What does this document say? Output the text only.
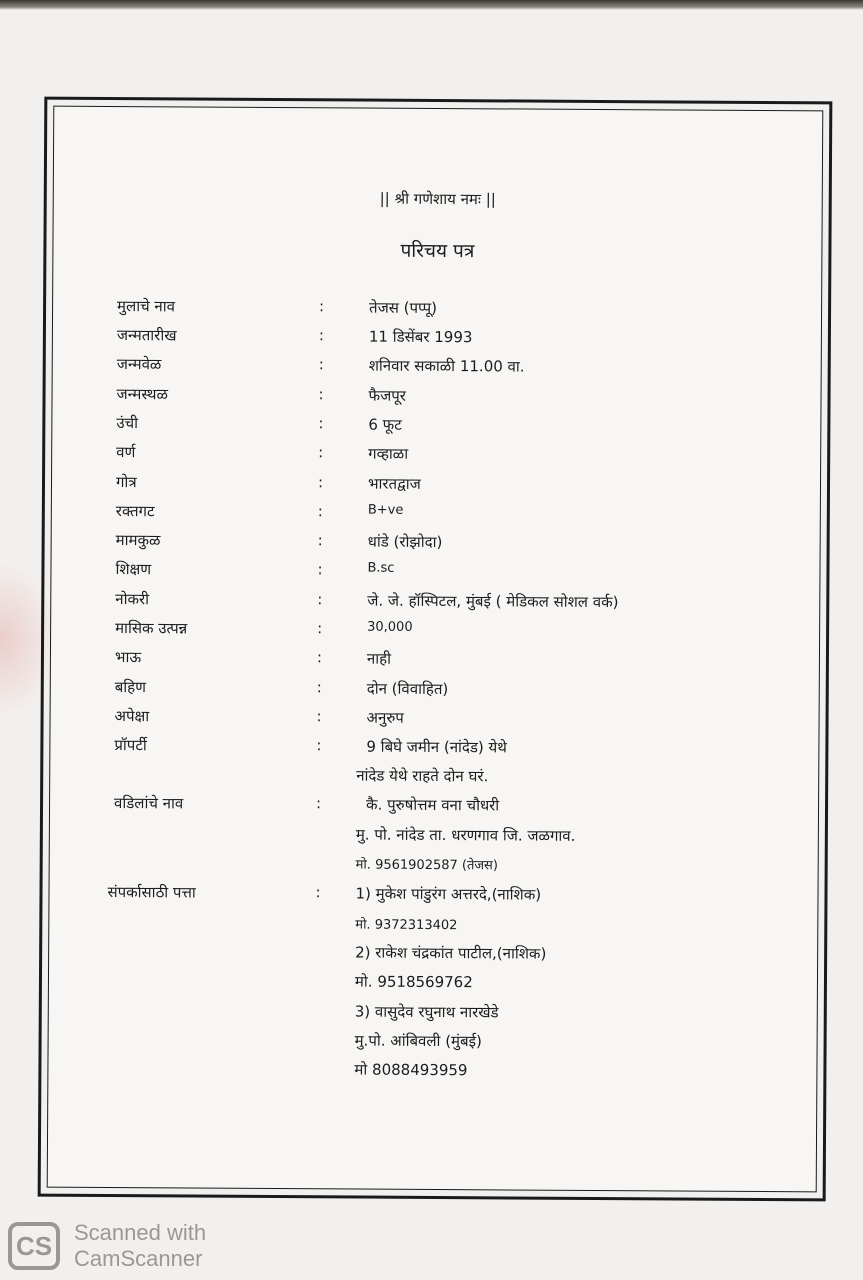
|| श्री गणेशाय नमः ||
परिचय पत्र
मुलाचे नाव	:	तेजस (पप्पू)
जन्मतारीख	:	11 डिसेंबर 1993
जन्मवेळ	:	शनिवार सकाळी 11.00 वा.
जन्मस्थळ	:	फैजपूर
उंची	:	6 फूट
वर्ण	:	गव्हाळा
गोत्र	:	भारतद्वाज
रक्तगट	:	B+ve
मामकुळ	:	धांडे (रोझोदा)
शिक्षण	:	B.sc
नोकरी	:	जे. जे. हॉस्पिटल, मुंबई ( मेडिकल सोशल वर्क)
मासिक उत्पन्न	:	30,000
भाऊ	:	नाही
बहिण	:	दोन (विवाहित)
अपेक्षा	:	अनुरुप
प्रॉपर्टी	:	9 बिघे जमीन (नांदेड) येथे
नांदेड येथे राहते दोन घरं.
वडिलांचे नाव	:	कै. पुरुषोत्तम वना चौधरी
मु. पो. नांदेड ता. धरणगाव जि. जळगाव.
मो. 9561902587 (तेजस)
संपर्कासाठी पत्ता	: 1) मुकेश पांडुरंग अत्तरदे,(नाशिक)
मो. 9372313402
2) राकेश चंद्रकांत पाटील,(नाशिक)
मो. 9518569762
3) वासुदेव रघुनाथ नारखेडे
मु.पो. आंबिवली (मुंबई)
मो 8088493959
CS Scanned with
CamScanner
